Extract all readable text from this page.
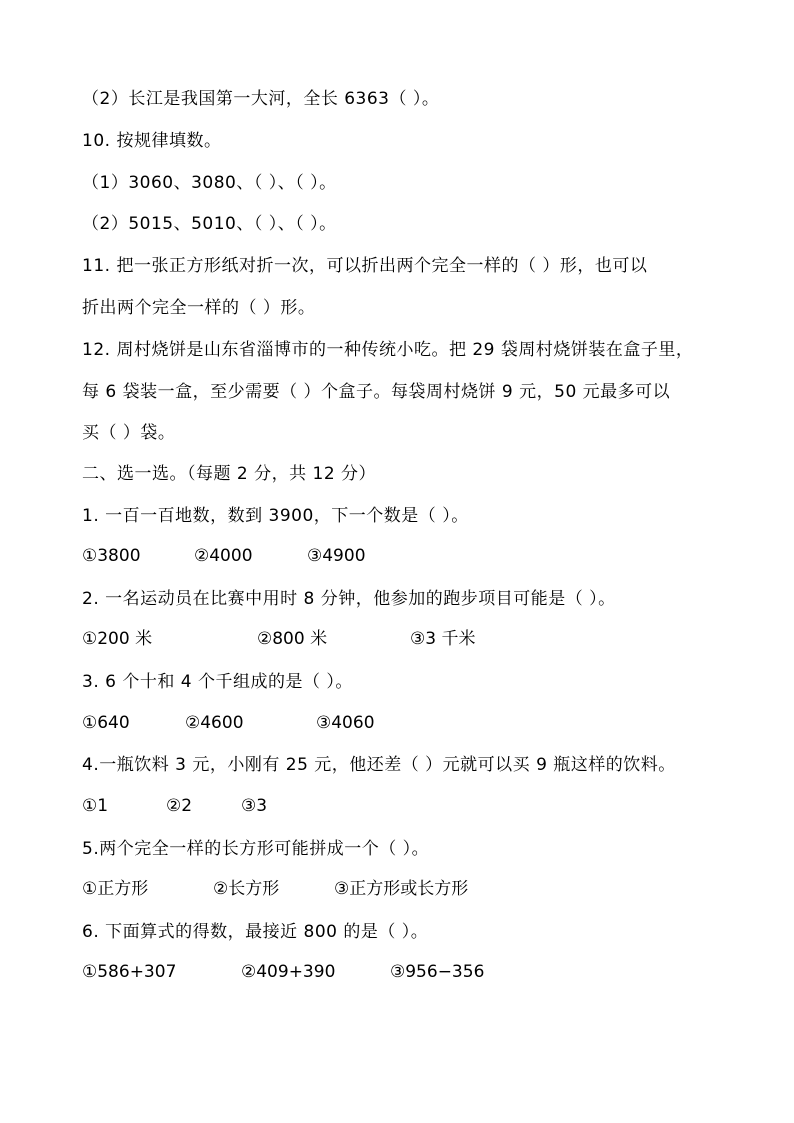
（2）长江是我国第一大河，全长 6363（ ）。
10. 按规律填数。
（1）3060、3080、（ ）、（ ）。
（2）5015、5010、（ ）、（ ）。
11. 把一张正方形纸对折一次，可以折出两个完全一样的（ ）形，也可以
折出两个完全一样的（ ）形。
12. 周村烧饼是山东省淄博市的一种传统小吃。把 29 袋周村烧饼装在盒子里，
每 6 袋装一盒，至少需要（ ）个盒子。每袋周村烧饼 9 元，50 元最多可以
买（ ）袋。
二、选一选。（每题 2 分，共 12 分）
1. 一百一百地数，数到 3900，下一个数是（ ）。
①3800	②4000	③4900
2. 一名运动员在比赛中用时 8 分钟，他参加的跑步项目可能是（ ）。
①200 米	②800 米	③3 千米
3. 6 个十和 4 个千组成的是（ ）。
①640	②4600	③4060
4.一瓶饮料 3 元，小刚有 25 元，他还差（ ）元就可以买 9 瓶这样的饮料。
①1	②2	③3
5.两个完全一样的长方形可能拼成一个（ ）。
①正方形	②长方形	③正方形或长方形
6. 下面算式的得数，最接近 800 的是（ ）。
①586+307	②409+390	③956−356
